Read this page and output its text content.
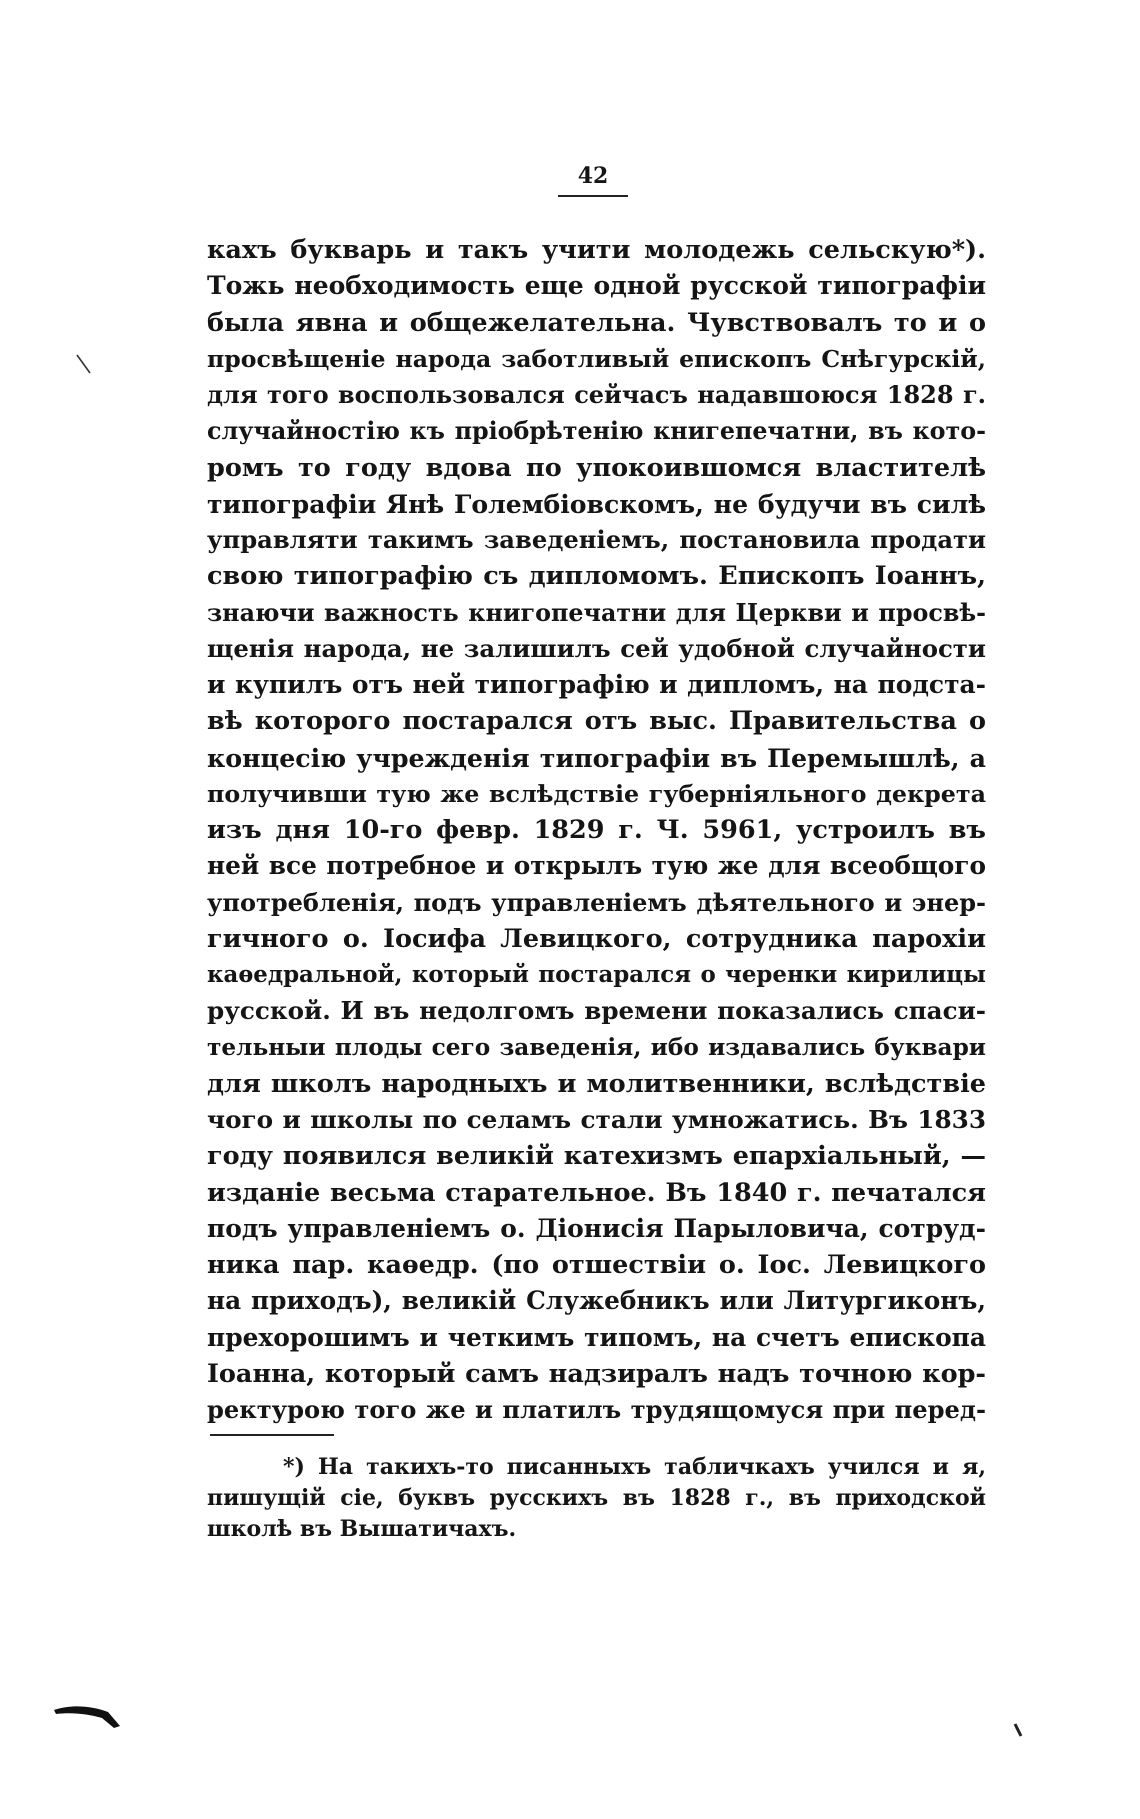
42
кахъ букварь и такъ учити молодежь сельскую*).
Тожь необходимость еще одной русской типографіи
была явна и общежелательна. Чувствовалъ то и о
просвѣщеніе народа заботливый епископъ Снѣгурскій,
для того воспользовался сейчасъ надавшоюся 1828 г.
случайностію къ пріобрѣтенію книгепечатни, въ кото-
ромъ то году вдова по упокоившомся властителѣ
типографіи Янѣ Голембіовскомъ, не будучи въ силѣ
управляти такимъ заведеніемъ, постановила продати
свою типографію съ дипломомъ. Епископъ Іоаннъ,
знаючи важность книгопечатни для Церкви и просвѣ-
щенія народа, не залишилъ сей удобной случайности
и купилъ отъ ней типографію и дипломъ, на подста-
вѣ которого постарался отъ выс. Правительства о
концесію учрежденія типографіи въ Перемышлѣ, а
получивши тую же вслѣдствіе губерніяльного декрета
изъ дня 10-го февр. 1829 г. Ч. 5961, устроилъ въ
ней все потребное и открылъ тую же для всеобщого
употребленія, подъ управленіемъ дѣятельного и энер-
гичного о. Іосифа Левицкого, сотрудника парохіи
каѳедральной, который постарался о черенки кирилицы
русской. И въ недолгомъ времени показались спаси-
тельныи плоды сего заведенія, ибо издавались буквари
для школъ народныхъ и молитвенники, вслѣдствіе
чого и школы по селамъ стали умножатись. Въ 1833
году появился великій катехизмъ епархіальный, —
изданіе весьма старательное. Въ 1840 г. печатался
подъ управленіемъ о. Діонисія Парыловича, сотруд-
ника пар. каѳедр. (по отшествіи о. Іос. Левицкого
на приходъ), великій Служебникъ или Литургиконъ,
прехорошимъ и четкимъ типомъ, на счетъ епископа
Іоанна, который самъ надзиралъ надъ точною кор-
ректурою того же и платилъ трудящомуся при перед-
*) На такихъ-то писанныхъ табличкахъ учился и я,
пишущій сіе, буквъ русскихъ въ 1828 г., въ приходской
школѣ въ Вышатичахъ.
